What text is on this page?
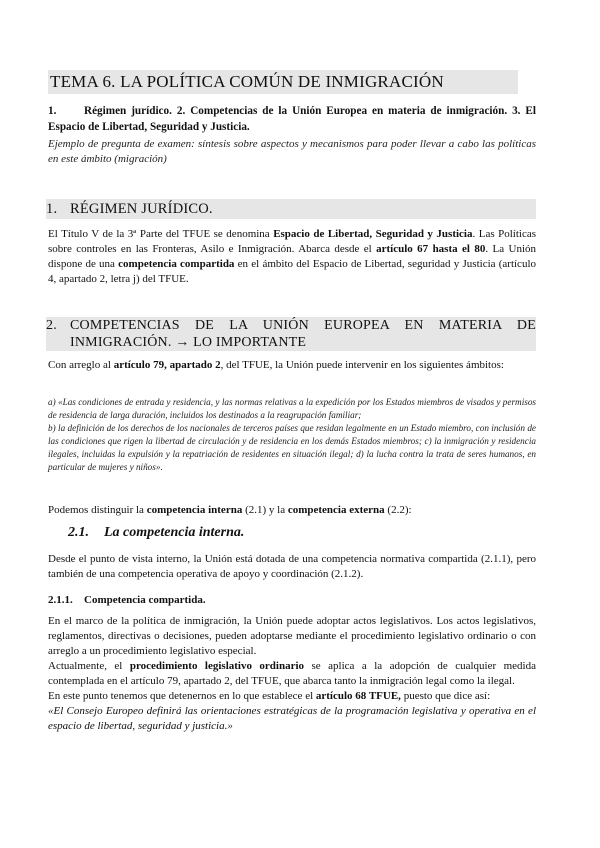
TEMA 6. LA POLÍTICA COMÚN DE INMIGRACIÓN
1. Régimen jurídico. 2. Competencias de la Unión Europea en materia de inmigración. 3. El Espacio de Libertad, Seguridad y Justicia.
Ejemplo de pregunta de examen: síntesis sobre aspectos y mecanismos para poder llevar a cabo las políticas en este ámbito (migración)
1. RÉGIMEN JURÍDICO.
El Título V de la 3ª Parte del TFUE se denomina Espacio de Libertad, Seguridad y Justicia. Las Políticas sobre controles en las Fronteras, Asilo e Inmigración. Abarca desde el artículo 67 hasta el 80. La Unión dispone de una competencia compartida en el ámbito del Espacio de Libertad, seguridad y Justicia (artículo 4, apartado 2, letra j) del TFUE.
2. COMPETENCIAS DE LA UNIÓN EUROPEA EN MATERIA DE
INMIGRACIÓN. → LO IMPORTANTE
Con arreglo al artículo 79, apartado 2, del TFUE, la Unión puede intervenir en los siguientes ámbitos:
a) «Las condiciones de entrada y residencia, y las normas relativas a la expedición por los Estados miembros de visados y permisos de residencia de larga duración, incluidos los destinados a la reagrupación familiar;
b) la definición de los derechos de los nacionales de terceros países que residan legalmente en un Estado miembro, con inclusión de las condiciones que rigen la libertad de circulación y de residencia en los demás Estados miembros; c) la inmigración y residencia ilegales, incluidas la expulsión y la repatriación de residentes en situación ilegal; d) la lucha contra la trata de seres humanos, en particular de mujeres y niños».
Podemos distinguir la competencia interna (2.1) y la competencia externa (2.2):
2.1. La competencia interna.
Desde el punto de vista interno, la Unión está dotada de una competencia normativa compartida (2.1.1), pero también de una competencia operativa de apoyo y coordinación (2.1.2).
2.1.1. Competencia compartida.

En el marco de la política de inmigración, la Unión puede adoptar actos legislativos. Los actos legislativos, reglamentos, directivas o decisiones, pueden adoptarse mediante el procedimiento legislativo ordinario o con arreglo a un procedimiento legislativo especial.

Actualmente, el procedimiento legislativo ordinario se aplica a la adopción de cualquier medida contemplada en el artículo 79, apartado 2, del TFUE, que abarca tanto la inmigración legal como la ilegal.

En este punto tenemos que detenernos en lo que establece el artículo 68 TFUE, puesto que dice así:

«El Consejo Europeo definirá las orientaciones estratégicas de la programación legislativa y operativa en el espacio de libertad, seguridad y justicia.»
